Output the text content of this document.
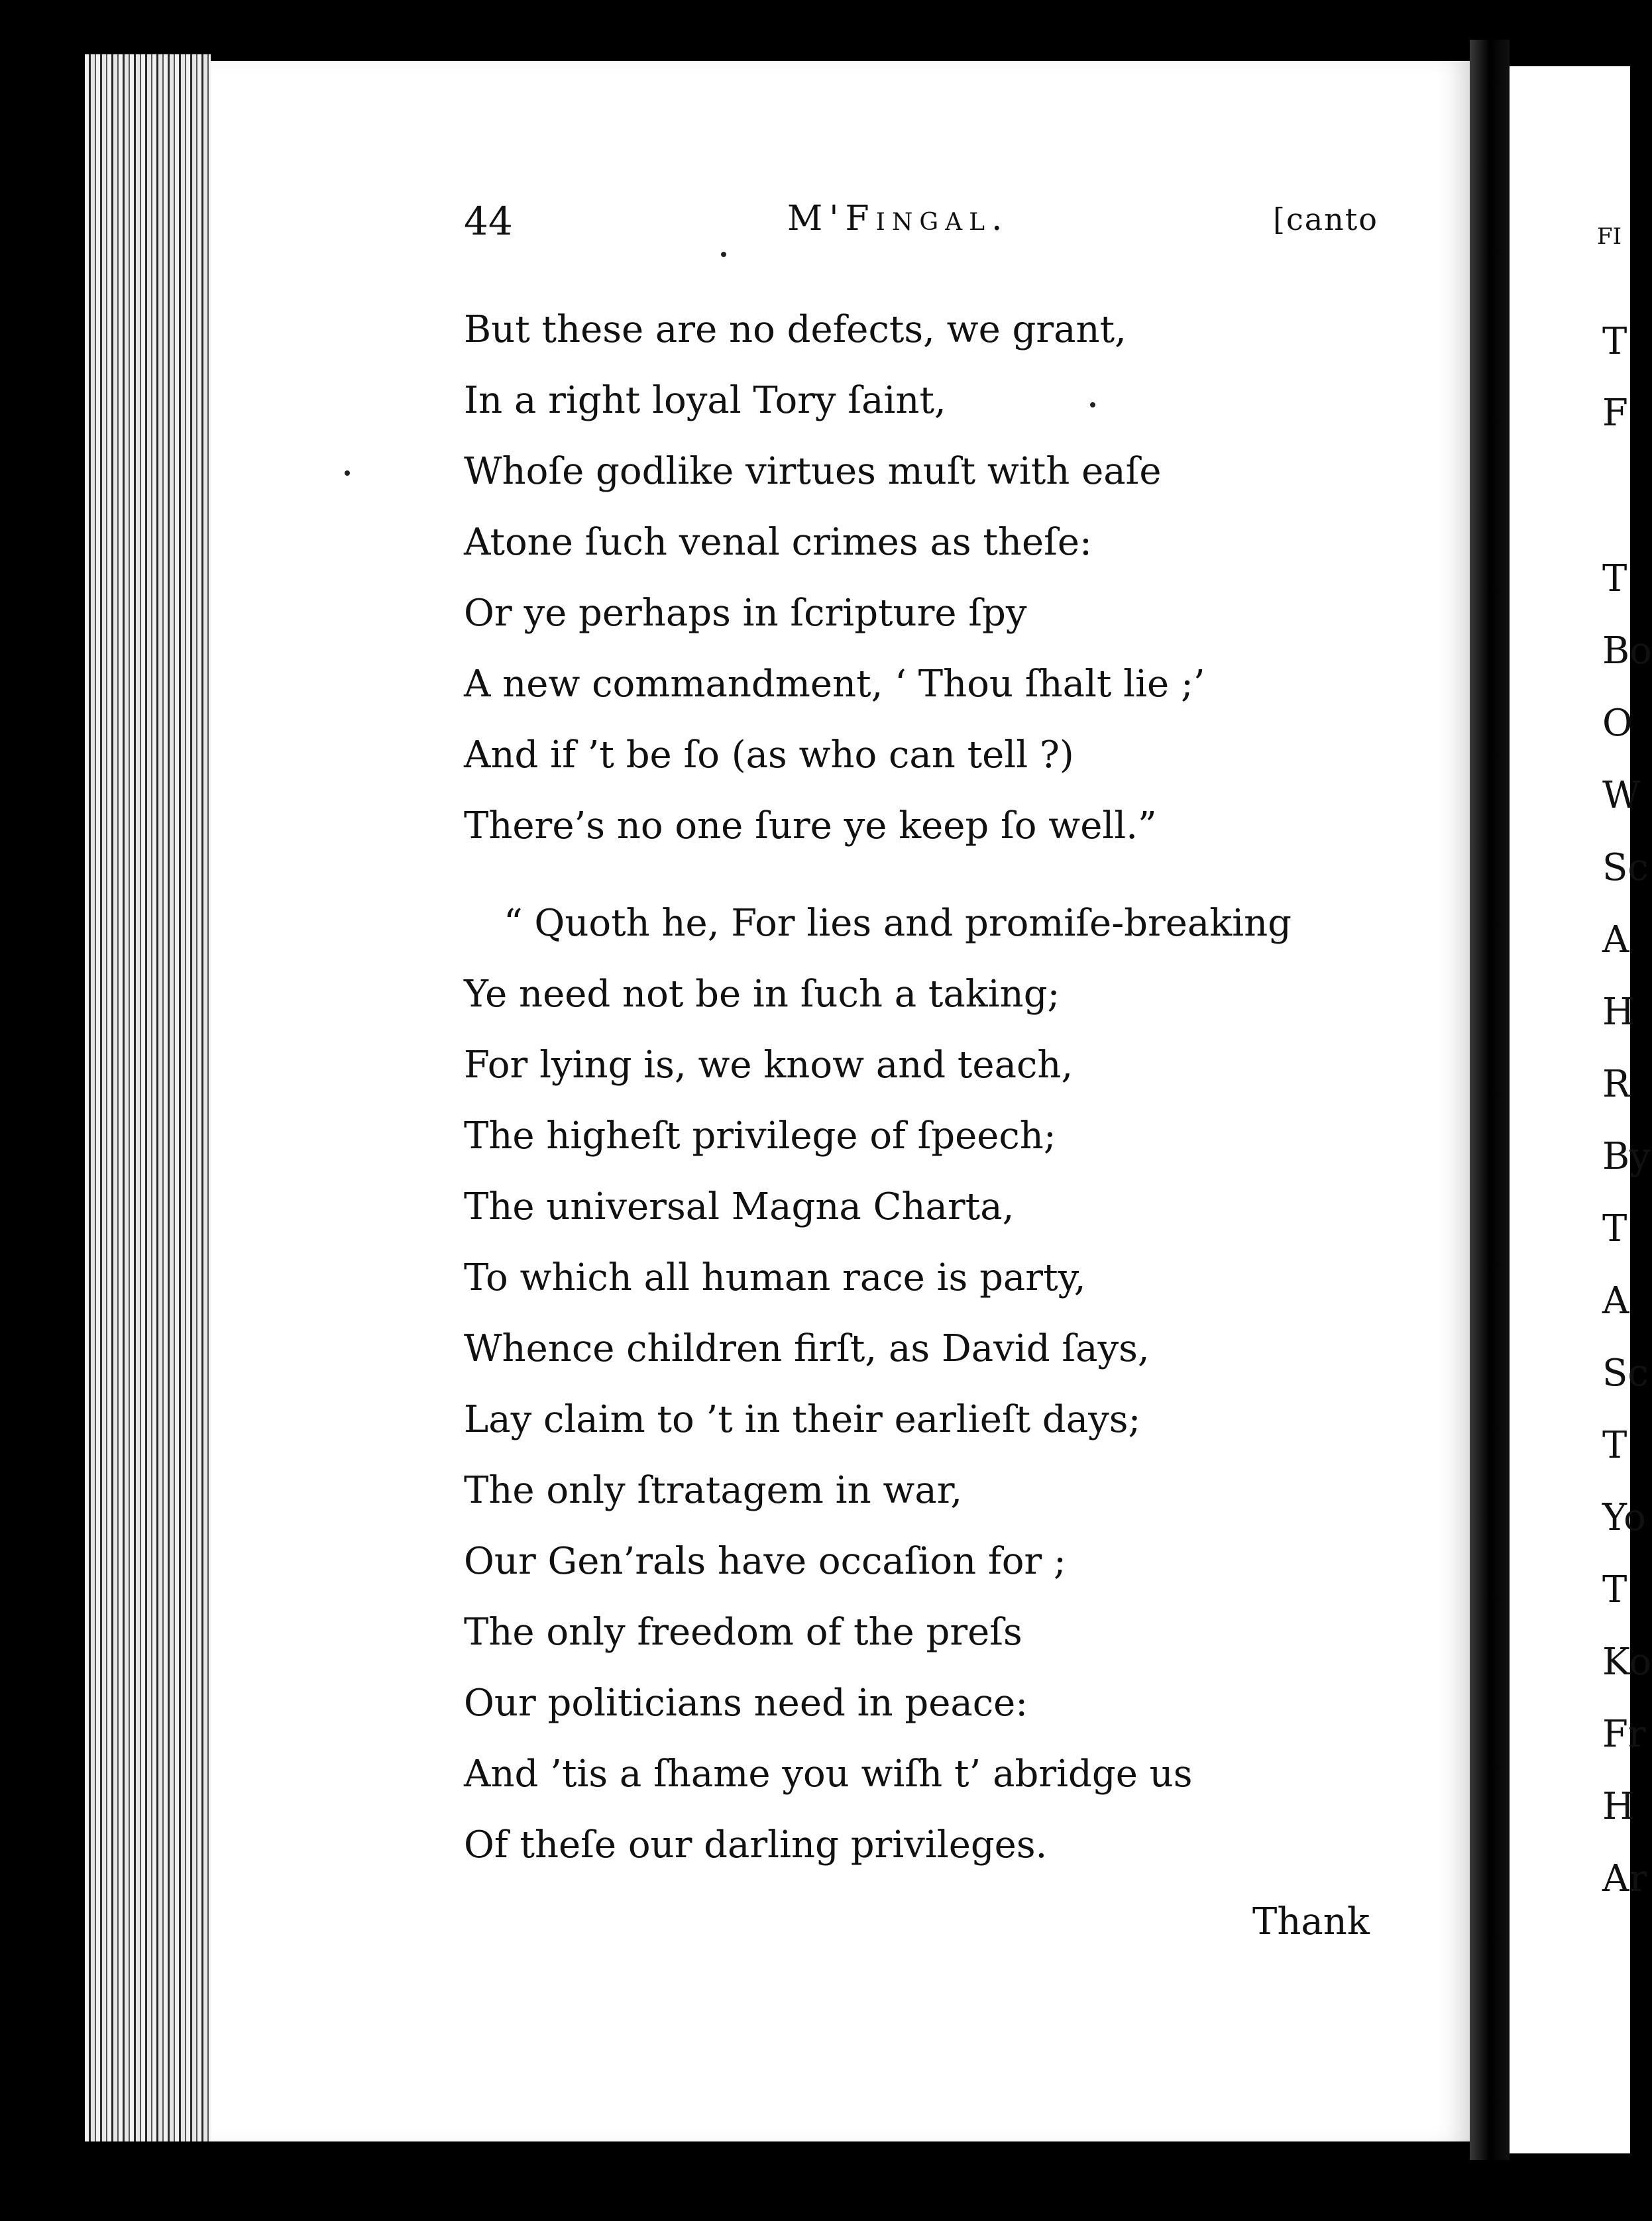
44	M'Fingal.	[canto
But these are no defects, we grant,
In a right loyal Tory ſaint,
Whoſe godlike virtues muſt with eaſe
Atone ſuch venal crimes as theſe:
Or ye perhaps in ſcripture ſpy
A new commandment, ‘ Thou ſhalt lie ;’
And if ’t be ſo (as who can tell ?)
There’s no one ſure ye keep ſo well.”
“ Quoth he, For lies and promiſe-breaking
Ye need not be in ſuch a taking;
For lying is, we know and teach,
The higheſt privilege of ſpeech;
The universal Magna Charta,
To which all human race is party,
Whence children firſt, as David ſays,
Lay claim to ’t in their earlieſt days;
The only ſtratagem in war,
Our Gen’rals have occaſion for ;
The only freedom of the preſs
Our politicians need in peace:
And ’tis a ſhame you wiſh t’ abridge us
Of theſe our darling privileges.
Thank
FI
T
F
T
Bo
O
W
Sc
A
H
R
By
T
A
Sc
T
Yo
T
Ko
Fr
H
Ar
